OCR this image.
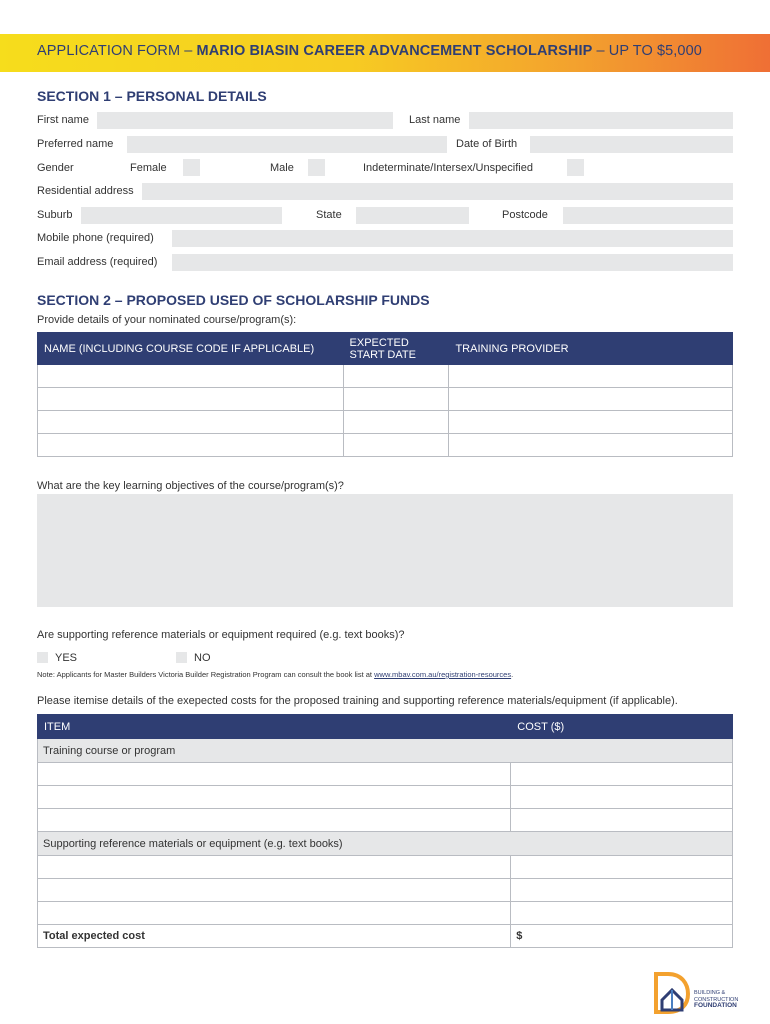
APPLICATION FORM – MARIO BIASIN CAREER ADVANCEMENT SCHOLARSHIP – UP TO $5,000
SECTION 1 – PERSONAL DETAILS
First name	Last name
Preferred name	Date of Birth
Gender	Female	Male	Indeterminate/Intersex/Unspecified
Residential address
Suburb	State	Postcode
Mobile phone (required)
Email address (required)
SECTION 2 – PROPOSED USED OF SCHOLARSHIP FUNDS
Provide details of your nominated course/program(s):
NAME (INCLUDING COURSE CODE IF APPLICABLE)	EXPECTED START DATE	TRAINING PROVIDER

What are the key learning objectives of the course/program(s)?
Are supporting reference materials or equipment required (e.g. text books)?
YES	NO
Note: Applicants for Master Builders Victoria Builder Registration Program can consult the book list at www.mbav.com.au/registration-resources.
Please itemise details of the exepected costs for the proposed training and supporting reference materials/equipment (if applicable).
ITEM	COST ($)
Training course or program	

Supporting reference materials or equipment (e.g. text books)	

Total expected cost	$
BUILDING &
CONSTRUCTION
FOUNDATION
